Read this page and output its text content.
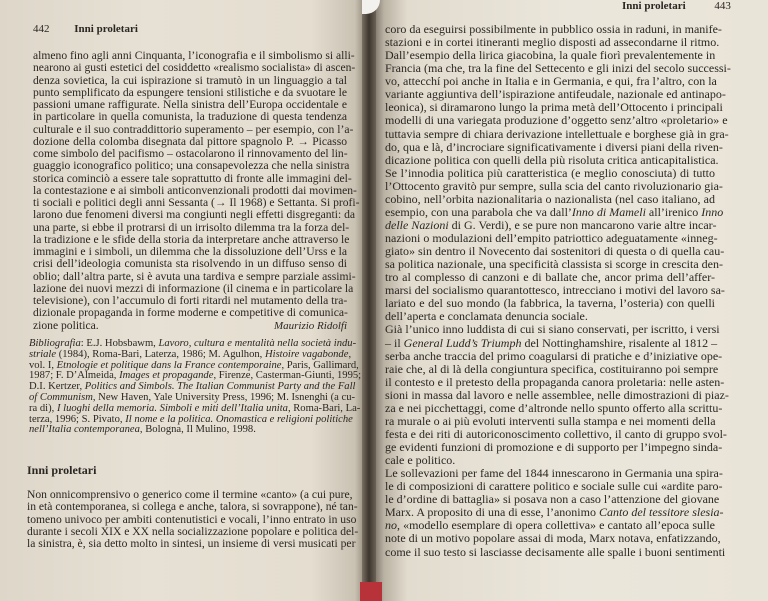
442 Inni proletari
almeno fino agli anni Cinquanta, l’iconografia e il simbolismo si alli-
nearono ai gusti estetici del cosiddetto «realismo socialista» di ascen-
denza sovietica, la cui ispirazione si tramutò in un linguaggio a tal
punto semplificato da espungere tensioni stilistiche e da svuotare le
passioni umane raffigurate. Nella sinistra dell’Europa occidentale e
in particolare in quella comunista, la traduzione di questa tendenza
culturale e il suo contraddittorio superamento – per esempio, con l’a-
dozione della colomba disegnata dal pittore spagnolo P. → Picasso
come simbolo del pacifismo – ostacolarono il rinnovamento del lin-
guaggio iconografico politico; una consapevolezza che nella sinistra
storica cominciò a essere tale soprattutto di fronte alle immagini del-
la contestazione e ai simboli anticonvenzionali prodotti dai movimen-
ti sociali e politici degli anni Sessanta (→ Il 1968) e Settanta. Si profi-
larono due fenomeni diversi ma congiunti negli effetti disgreganti: da
una parte, si ebbe il protrarsi di un irrisolto dilemma tra la forza del-
la tradizione e le sfide della storia da interpretare anche attraverso le
immagini e i simboli, un dilemma che la dissoluzione dell’Urss e la
crisi dell’ideologia comunista sta risolvendo in un diffuso senso di
oblio; dall’altra parte, si è avuta una tardiva e sempre parziale assimi-
lazione dei nuovi mezzi di informazione (il cinema e in particolare la
televisione), con l’accumulo di forti ritardi nel mutamento della tra-
dizionale propaganda in forme moderne e competitive di comunica-
zione politica.	Maurizio Ridolfi
Bibliografia: E.J. Hobsbawm, Lavoro, cultura e mentalità nella società indu-
striale (1984), Roma-Bari, Laterza, 1986; M. Agulhon, Histoire vagabonde,
vol. I, Etnologie et politique dans la France contemporaine, Paris, Gallimard,
1987; F. D’Almeida, Images et propagande, Firenze, Casterman-Giunti, 1995;
D.I. Kertzer, Politics and Simbols. The Italian Communist Party and the Fall
of Communism, New Haven, Yale University Press, 1996; M. Isnenghi (a cu-
ra di), I luoghi della memoria. Simboli e miti dell’Italia unita, Roma-Bari, La-
terza, 1996; S. Pivato, Il nome e la politica. Onomastica e religioni politiche
nell’Italia contemporanea, Bologna, Il Mulino, 1998.
Inni proletari
Non onnicomprensivo o generico come il termine «canto» (a cui pure,
in età contemporanea, si collega e anche, talora, si sovrappone), né tan-
tomeno univoco per ambiti contenutistici e vocali, l’inno entrato in uso
durante i secoli XIX e XX nella socializzazione popolare e politica del-
la sinistra, è, sia detto molto in sintesi, un insieme di versi musicati per
Inni proletari	443
coro da eseguirsi possibilmente in pubblico ossia in raduni, in manife-
stazioni e in cortei itineranti meglio disposti ad assecondarne il ritmo.
Dall’esempio della lirica giacobina, la quale fiorì prevalentemente in
Francia (ma che, tra la fine del Settecento e gli inizi del secolo successi-
vo, attecchí poi anche in Italia e in Germania, e qui, fra l’altro, con la
variante aggiuntiva dell’ispirazione antifeudale, nazionale ed antinapo-
leonica), si diramarono lungo la prima metà dell’Ottocento i principali
modelli di una variegata produzione d’oggetto senz’altro «proletario» e
tuttavia sempre di chiara derivazione intellettuale e borghese già in gra-
do, qua e là, d’incrociare significativamente i diversi piani della riven-
dicazione politica con quelli della più risoluta critica anticapitalistica.
Se l’innodia politica più caratteristica (e meglio conosciuta) di tutto
l’Ottocento gravitò pur sempre, sulla scia del canto rivoluzionario gia-
cobino, nell’orbita nazionalitaria o nazionalista (nel caso italiano, ad
esempio, con una parabola che va dall’Inno di Mameli all’irenico Inno
delle Nazioni di G. Verdi), e se pure non mancarono varie altre incar-
nazioni o modulazioni dell’empito patriottico adeguatamente «inneg-
giato» sin dentro il Novecento dai sostenitori di questa o di quella cau-
sa politica nazionale, una specificità classista si scorge in crescita den-
tro al complesso di canzoni e di ballate che, ancor prima dell’affer-
marsi del socialismo quarantottesco, intrecciano i motivi del lavoro sa-
lariato e del suo mondo (la fabbrica, la taverna, l’osteria) con quelli
dell’aperta e conclamata denuncia sociale.
Già l’unico inno luddista di cui si siano conservati, per iscritto, i versi
– il General Ludd’s Triumph del Nottinghamshire, risalente al 1812 –
serba anche traccia del primo coagularsi di pratiche e d’iniziative ope-
raie che, al di là della congiuntura specifica, costituiranno poi sempre
il contesto e il pretesto della propaganda canora proletaria: nelle asten-
sioni in massa dal lavoro e nelle assemblee, nelle dimostrazioni di piaz-
za e nei picchettaggi, come d’altronde nello spunto offerto alla scrittu-
ra murale o ai più evoluti interventi sulla stampa e nei momenti della
festa e dei riti di autoriconoscimento collettivo, il canto di gruppo svol-
ge evidenti funzioni di promozione e di supporto per l’impegno sinda-
cale e politico.
Le sollevazioni per fame del 1844 innescarono in Germania una spira-
le di composizioni di carattere politico e sociale sulle cui «ardite paro-
le d’ordine di battaglia» si posava non a caso l’attenzione del giovane
Marx. A proposito di una di esse, l’anonimo Canto del tessitore slesia-
no, «modello esemplare di opera collettiva» e cantato all’epoca sulle
note di un motivo popolare assai di moda, Marx notava, enfatizzando,
come il suo testo si lasciasse decisamente alle spalle i buoni sentimenti
